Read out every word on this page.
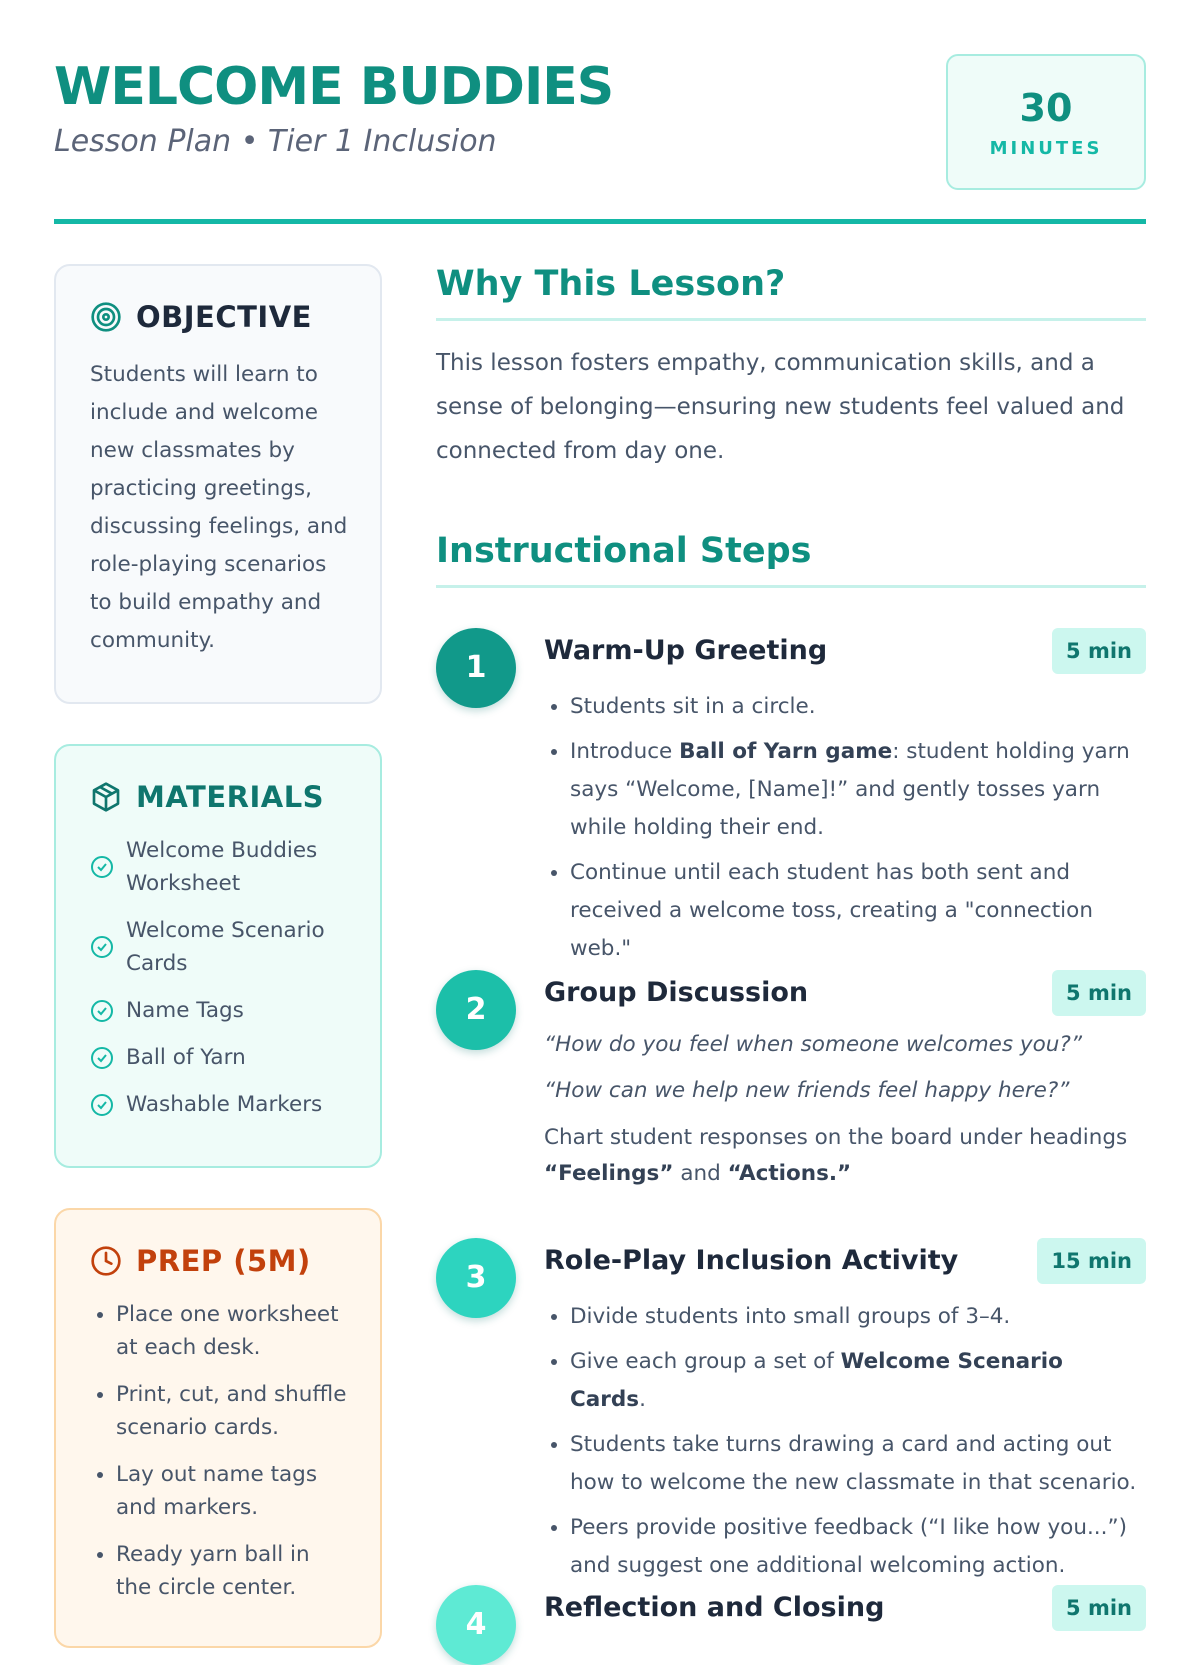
WELCOME BUDDIES
Lesson Plan • Tier 1 Inclusion
30
MINUTES
OBJECTIVE

Students will learn to include and welcome new classmates by practicing greetings, discussing feelings, and role-playing scenarios to build empathy and community.

MATERIALS
Welcome Buddies Worksheet
Welcome Scenario Cards
Name Tags
Ball of Yarn
Washable Markers
PREP (5M)
• Place one worksheet at each desk.
• Print, cut, and shuffle scenario cards.
• Lay out name tags and markers.
• Ready yarn ball in the circle center.
Why This Lesson?

This lesson fosters empathy, communication skills, and a sense of belonging—ensuring new students feel valued and connected from day one.

Instructional Steps
1	Warm-Up Greeting	5 min
• Students sit in a circle.
• Introduce Ball of Yarn game: student holding yarn says “Welcome, [Name]!” and gently tosses yarn while holding their end.
• Continue until each student has both sent and received a welcome toss, creating a "connection web."
2	Group Discussion	5 min

“How do you feel when someone welcomes you?”

“How can we help new friends feel happy here?”

Chart student responses on the board under headings “Feelings” and “Actions.”

3	Role-Play Inclusion Activity	15 min
• Divide students into small groups of 3–4.
• Give each group a set of Welcome Scenario Cards.
• Students take turns drawing a card and acting out how to welcome the new classmate in that scenario.
• Peers provide positive feedback (“I like how you...”) and suggest one additional welcoming action.
4	Reflection and Closing	5 min
